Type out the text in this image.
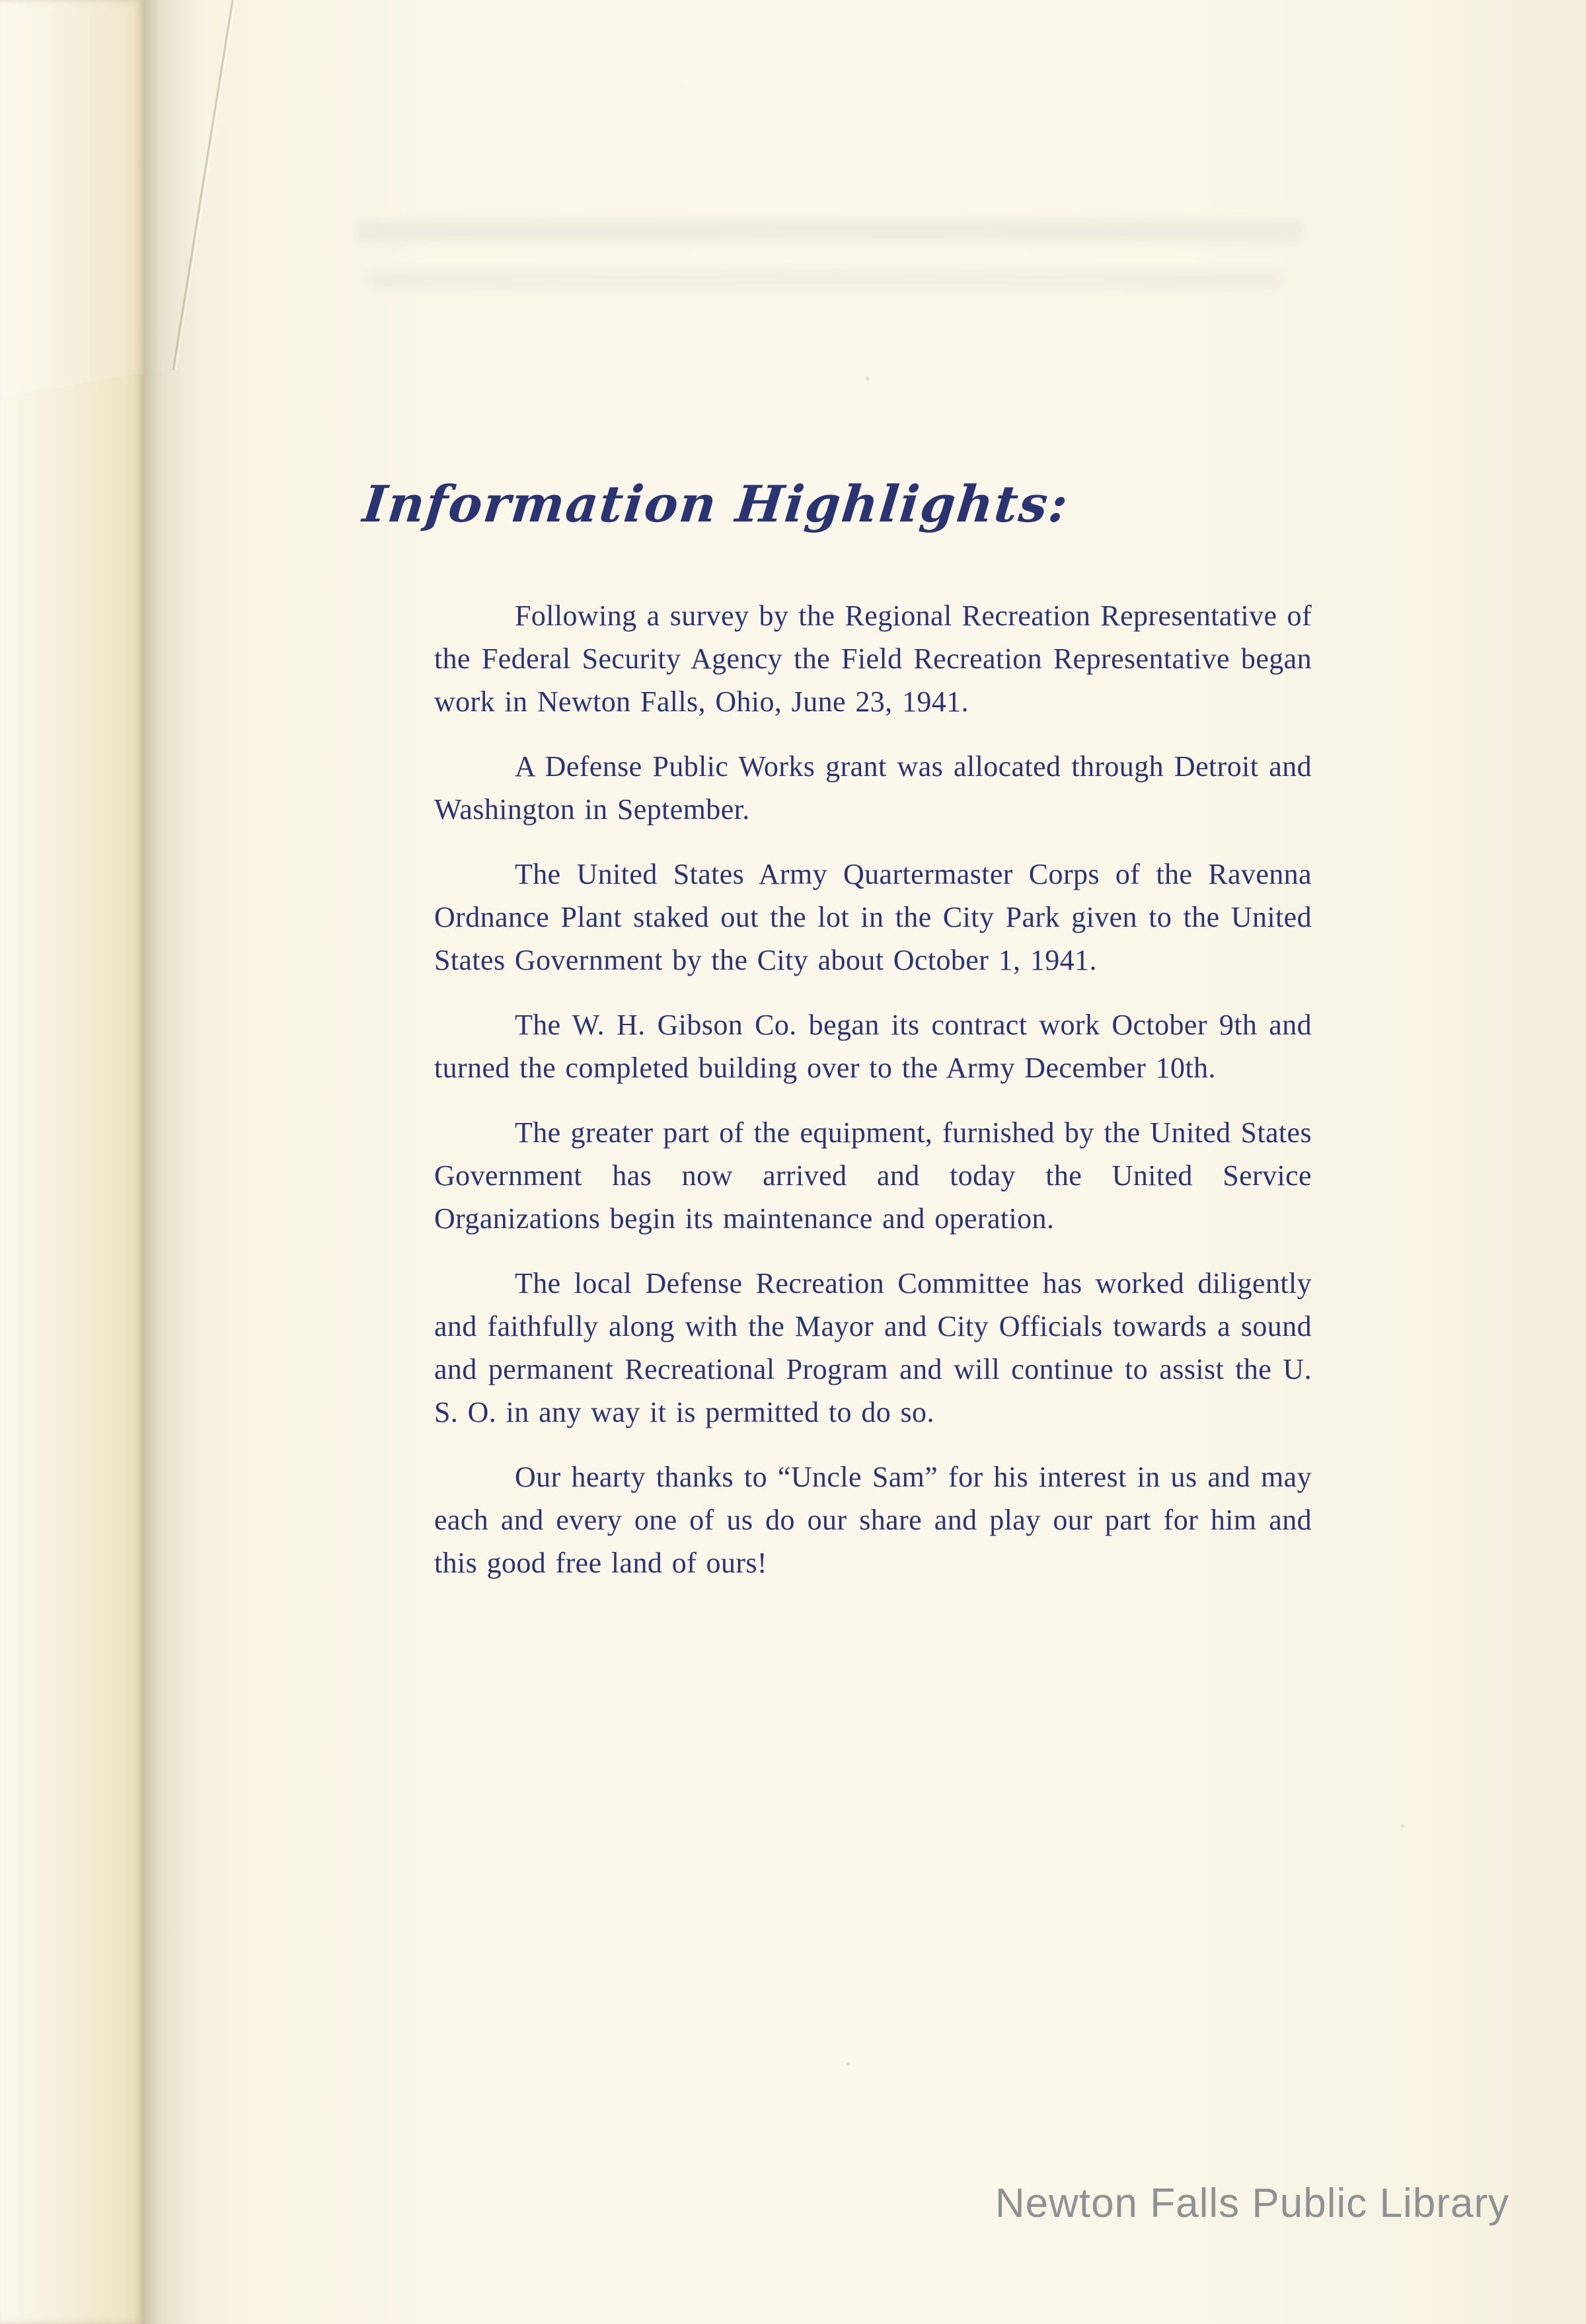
Information Highlights:

Following a survey by the Regional Recreation Representative of the Federal Security Agency the Field Recreation Representative began work in Newton Falls, Ohio, June 23, 1941.

A Defense Public Works grant was allocated through Detroit and Washington in September.

The United States Army Quartermaster Corps of the Ravenna Ordnance Plant staked out the lot in the City Park given to the United States Government by the City about October 1, 1941.

The W. H. Gibson Co. began its contract work October 9th and turned the completed building over to the Army December 10th.

The greater part of the equipment, furnished by the United States Government has now arrived and today the United Service Organizations begin its maintenance and operation.

The local Defense Recreation Committee has worked diligently and faithfully along with the Mayor and City Officials towards a sound and permanent Recreational Program and will continue to assist the U. S. O. in any way it is permitted to do so.

Our hearty thanks to “Uncle Sam” for his interest in us and may each and every one of us do our share and play our part for him and this good free land of ours!

Newton Falls Public Library
